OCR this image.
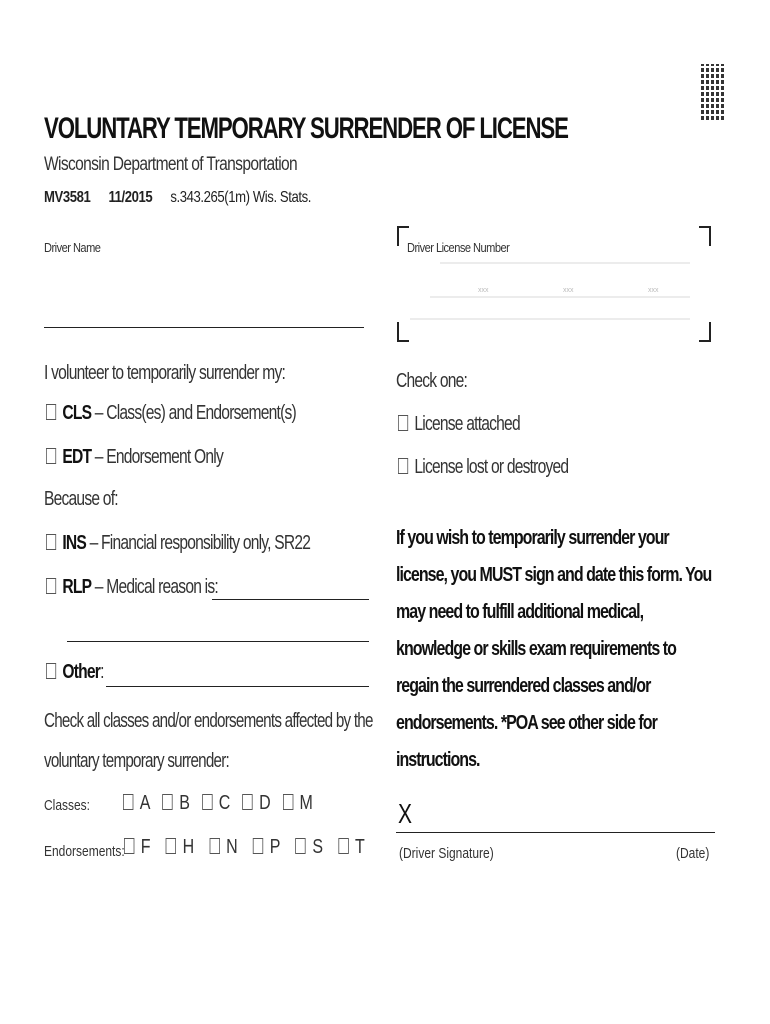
VOLUNTARY TEMPORARY SURRENDER OF LICENSE
Wisconsin Department of Transportation
MV3581 11/2015 s.343.265(1m) Wis. Stats.
Driver Name	Driver License Number
xxx	xxx	xxx
I volunteer to temporarily surrender my:
CLS – Class(es) and Endorsement(s)
EDT – Endorsement Only
Because of:
INS – Financial responsibility only, SR22
RLP – Medical reason is:
Other:
Check all classes and/or endorsements affected by the
voluntary temporary surrender:
Classes:	A B C D M
Endorsements: F H N P S T
Check one:
License attached
License lost or destroyed
If you wish to temporarily surrender your license, you MUST sign and date this form. You may need to fulfill additional medical, knowledge or skills exam requirements to regain the surrendered classes and/or endorsements. *POA see other side for instructions.
X
(Driver Signature)	(Date)
